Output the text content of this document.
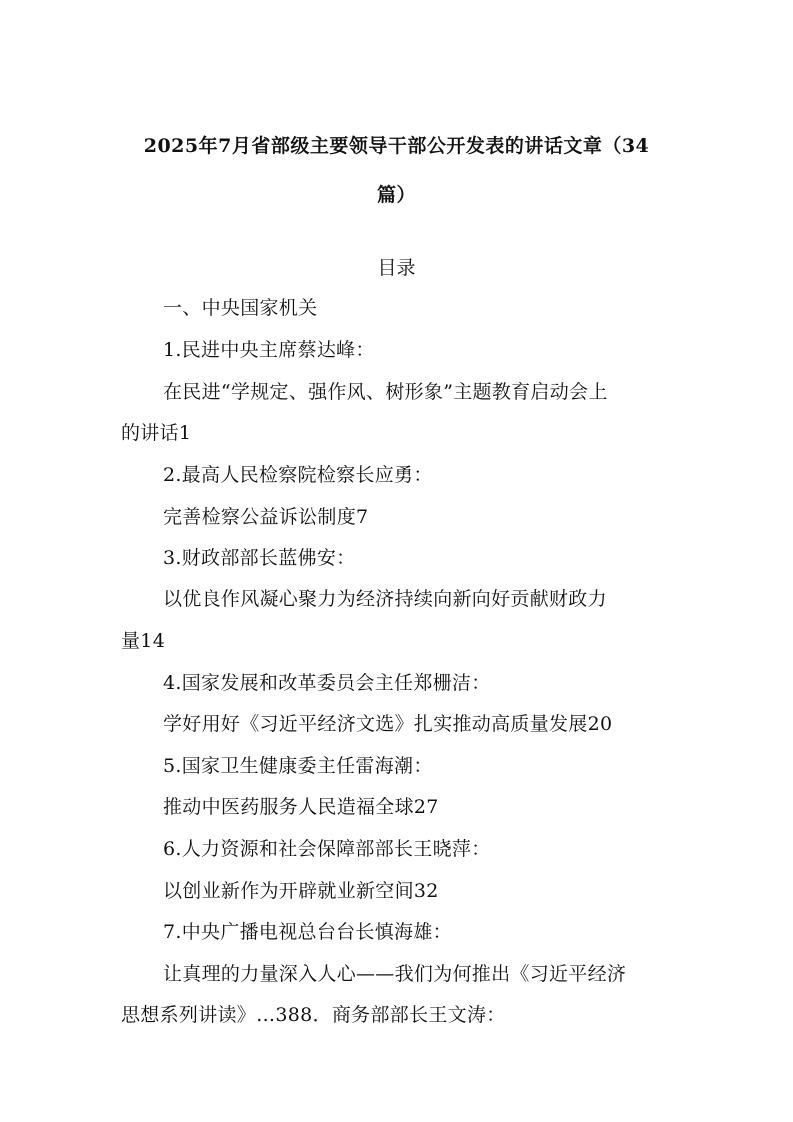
2025年7月省部级主要领导干部公开发表的讲话文章（34
篇）
目录
一、中央国家机关
1.民进中央主席蔡达峰：
在民进“学规定、强作风、树形象”主题教育启动会上
的讲话1
2.最高人民检察院检察长应勇：
完善检察公益诉讼制度7
3.财政部部长蓝佛安：
以优良作风凝心聚力为经济持续向新向好贡献财政力
量14
4.国家发展和改革委员会主任郑栅洁：
学好用好《习近平经济文选》扎实推动高质量发展20
5.国家卫生健康委主任雷海潮：
推动中医药服务人民造福全球27
6.人力资源和社会保障部部长王晓萍：
以创业新作为开辟就业新空间32
7.中央广播电视总台台长慎海雄：
让真理的力量深入人心——我们为何推出《习近平经济
思想系列讲读》…388．商务部部长王文涛：
